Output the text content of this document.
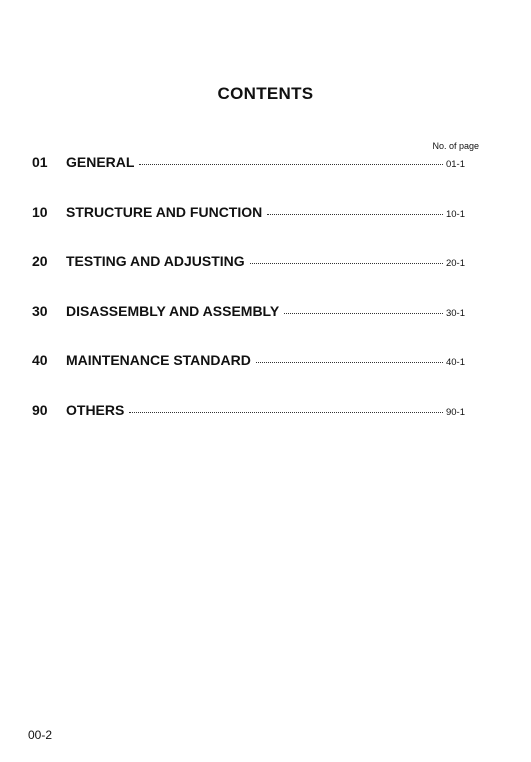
CONTENTS
No. of page
01	GENERAL	01-1
10	STRUCTURE AND FUNCTION	10-1
20	TESTING AND ADJUSTING	20-1
30	DISASSEMBLY AND ASSEMBLY	30-1
40	MAINTENANCE STANDARD	40-1
90	OTHERS	90-1
00-2
